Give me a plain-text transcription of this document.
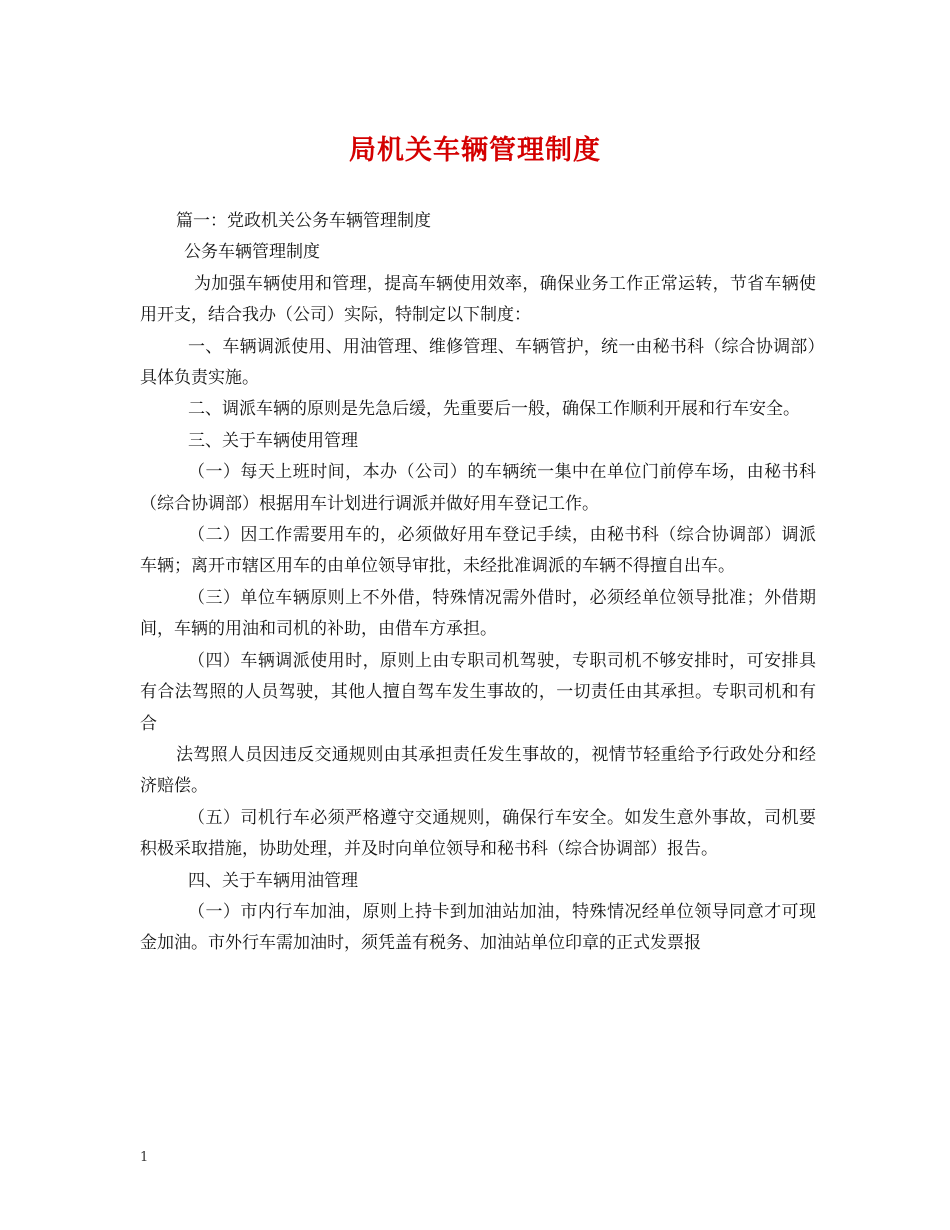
局机关车辆管理制度

篇一：党政机关公务车辆管理制度

公务车辆管理制度

为加强车辆使用和管理，提高车辆使用效率，确保业务工作正常运转，节省车辆使用开支，结合我办（公司）实际，特制定以下制度：

一、车辆调派使用、用油管理、维修管理、车辆管护，统一由秘书科（综合协调部）具体负责实施。

二、调派车辆的原则是先急后缓，先重要后一般，确保工作顺利开展和行车安全。

三、关于车辆使用管理

（一）每天上班时间，本办（公司）的车辆统一集中在单位门前停车场，由秘书科（综合协调部）根据用车计划进行调派并做好用车登记工作。

（二）因工作需要用车的，必须做好用车登记手续，由秘书科（综合协调部）调派车辆；离开市辖区用车的由单位领导审批，未经批准调派的车辆不得擅自出车。

（三）单位车辆原则上不外借，特殊情况需外借时，必须经单位领导批准；外借期间，车辆的用油和司机的补助，由借车方承担。

（四）车辆调派使用时，原则上由专职司机驾驶，专职司机不够安排时，可安排具有合法驾照的人员驾驶，其他人擅自驾车发生事故的，一切责任由其承担。专职司机和有合

法驾照人员因违反交通规则由其承担责任发生事故的，视情节轻重给予行政处分和经济赔偿。

（五）司机行车必须严格遵守交通规则，确保行车安全。如发生意外事故，司机要积极采取措施，协助处理，并及时向单位领导和秘书科（综合协调部）报告。

四、关于车辆用油管理

（一）市内行车加油，原则上持卡到加油站加油，特殊情况经单位领导同意才可现金加油。市外行车需加油时，须凭盖有税务、加油站单位印章的正式发票报

1
